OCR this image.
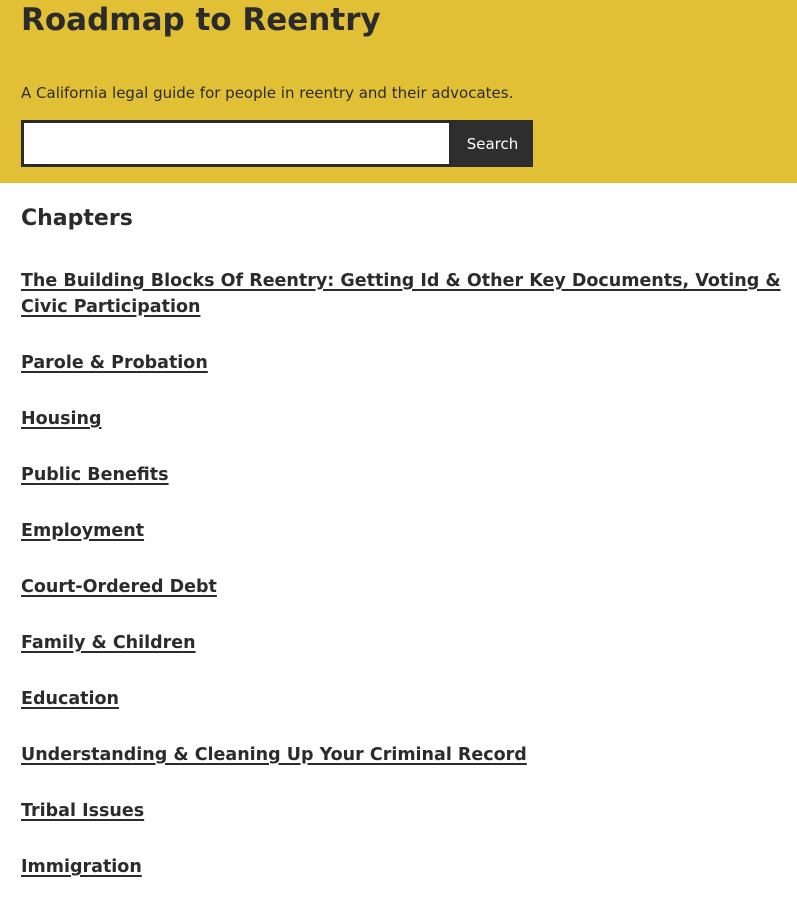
Roadmap to Reentry

A California legal guide for people in reentry and their advocates.

Search
Chapters
The Building Blocks Of Reentry: Getting Id & Other Key Documents, Voting & Civic Participation
Parole & Probation
Housing
Public Benefits
Employment
Court-Ordered Debt
Family & Children
Education
Understanding & Cleaning Up Your Criminal Record
Tribal Issues
Immigration
